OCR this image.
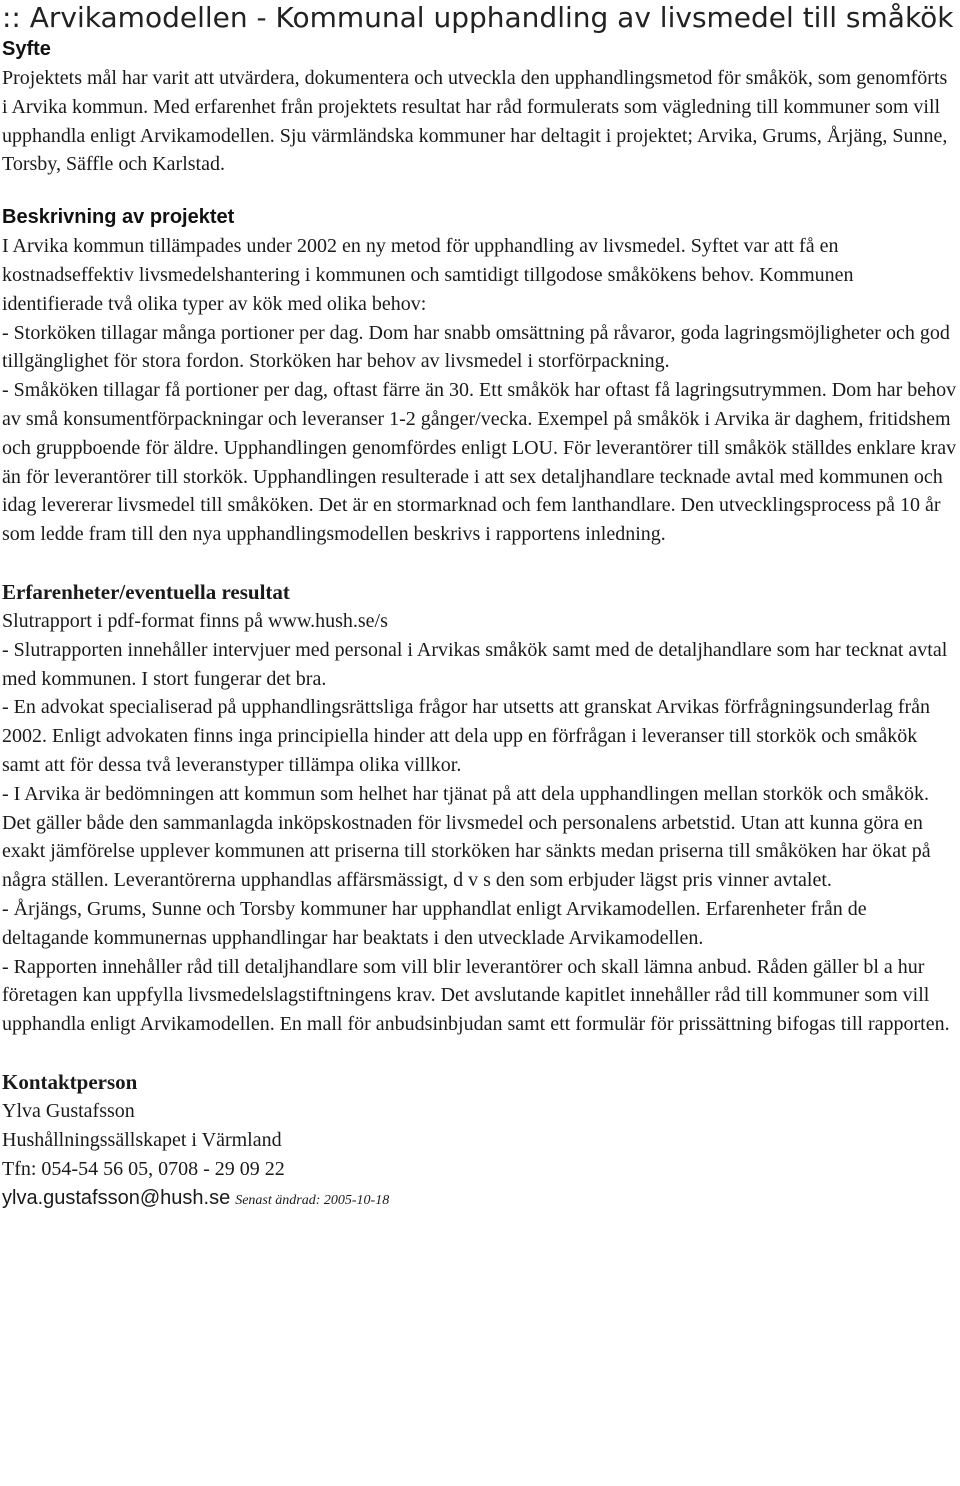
:: Arvikamodellen - Kommunal upphandling av livsmedel till småkök
Syfte

Projektets mål har varit att utvärdera, dokumentera och utveckla den upphandlingsmetod för småkök, som genomförts i Arvika kommun. Med erfarenhet från projektets resultat har råd formulerats som vägledning till kommuner som vill upphandla enligt Arvikamodellen. Sju värmländska kommuner har deltagit i projektet; Arvika, Grums, Årjäng, Sunne, Torsby, Säffle och Karlstad.

Beskrivning av projektet

I Arvika kommun tillämpades under 2002 en ny metod för upphandling av livsmedel. Syftet var att få en kostnadseffektiv livsmedelshantering i kommunen och samtidigt tillgodose småkökens behov. Kommunen identifierade två olika typer av kök med olika behov:

- Storköken tillagar många portioner per dag. Dom har snabb omsättning på råvaror, goda lagringsmöjligheter och god tillgänglighet för stora fordon. Storköken har behov av livsmedel i storförpackning.

- Småköken tillagar få portioner per dag, oftast färre än 30. Ett småkök har oftast få lagringsutrymmen. Dom har behov av små konsumentförpackningar och leveranser 1-2 gånger/vecka. Exempel på småkök i Arvika är daghem, fritidshem och gruppboende för äldre. Upphandlingen genomfördes enligt LOU. För leverantörer till småkök ställdes enklare krav än för leverantörer till storkök. Upphandlingen resulterade i att sex detaljhandlare tecknade avtal med kommunen och idag levererar livsmedel till småköken. Det är en stormarknad och fem lanthandlare. Den utvecklingsprocess på 10 år som ledde fram till den nya upphandlingsmodellen beskrivs i rapportens inledning.

Erfarenheter/eventuella resultat

Slutrapport i pdf-format finns på www.hush.se/s

- Slutrapporten innehåller intervjuer med personal i Arvikas småkök samt med de detaljhandlare som har tecknat avtal med kommunen. I stort fungerar det bra.

- En advokat specialiserad på upphandlingsrättsliga frågor har utsetts att granskat Arvikas förfrågningsunderlag från 2002. Enligt advokaten finns inga principiella hinder att dela upp en förfrågan i leveranser till storkök och småkök samt att för dessa två leveranstyper tillämpa olika villkor.

- I Arvika är bedömningen att kommun som helhet har tjänat på att dela upphandlingen mellan storkök och småkök. Det gäller både den sammanlagda inköpskostnaden för livsmedel och personalens arbetstid. Utan att kunna göra en exakt jämförelse upplever kommunen att priserna till storköken har sänkts medan priserna till småköken har ökat på några ställen. Leverantörerna upphandlas affärsmässigt, d v s den som erbjuder lägst pris vinner avtalet.

- Årjängs, Grums, Sunne och Torsby kommuner har upphandlat enligt Arvikamodellen. Erfarenheter från de deltagande kommunernas upphandlingar har beaktats i den utvecklade Arvikamodellen.

- Rapporten innehåller råd till detaljhandlare som vill blir leverantörer och skall lämna anbud. Råden gäller bl a hur företagen kan uppfylla livsmedelslagstiftningens krav. Det avslutande kapitlet innehåller råd till kommuner som vill upphandla enligt Arvikamodellen. En mall för anbudsinbjudan samt ett formulär för prissättning bifogas till rapporten.

Kontaktperson
Ylva Gustafsson
Hushållningssällskapet i Värmland
Tfn: 054-54 56 05, 0708 - 29 09 22
ylva.gustafsson@hush.se Senast ändrad: 2005-10-18
